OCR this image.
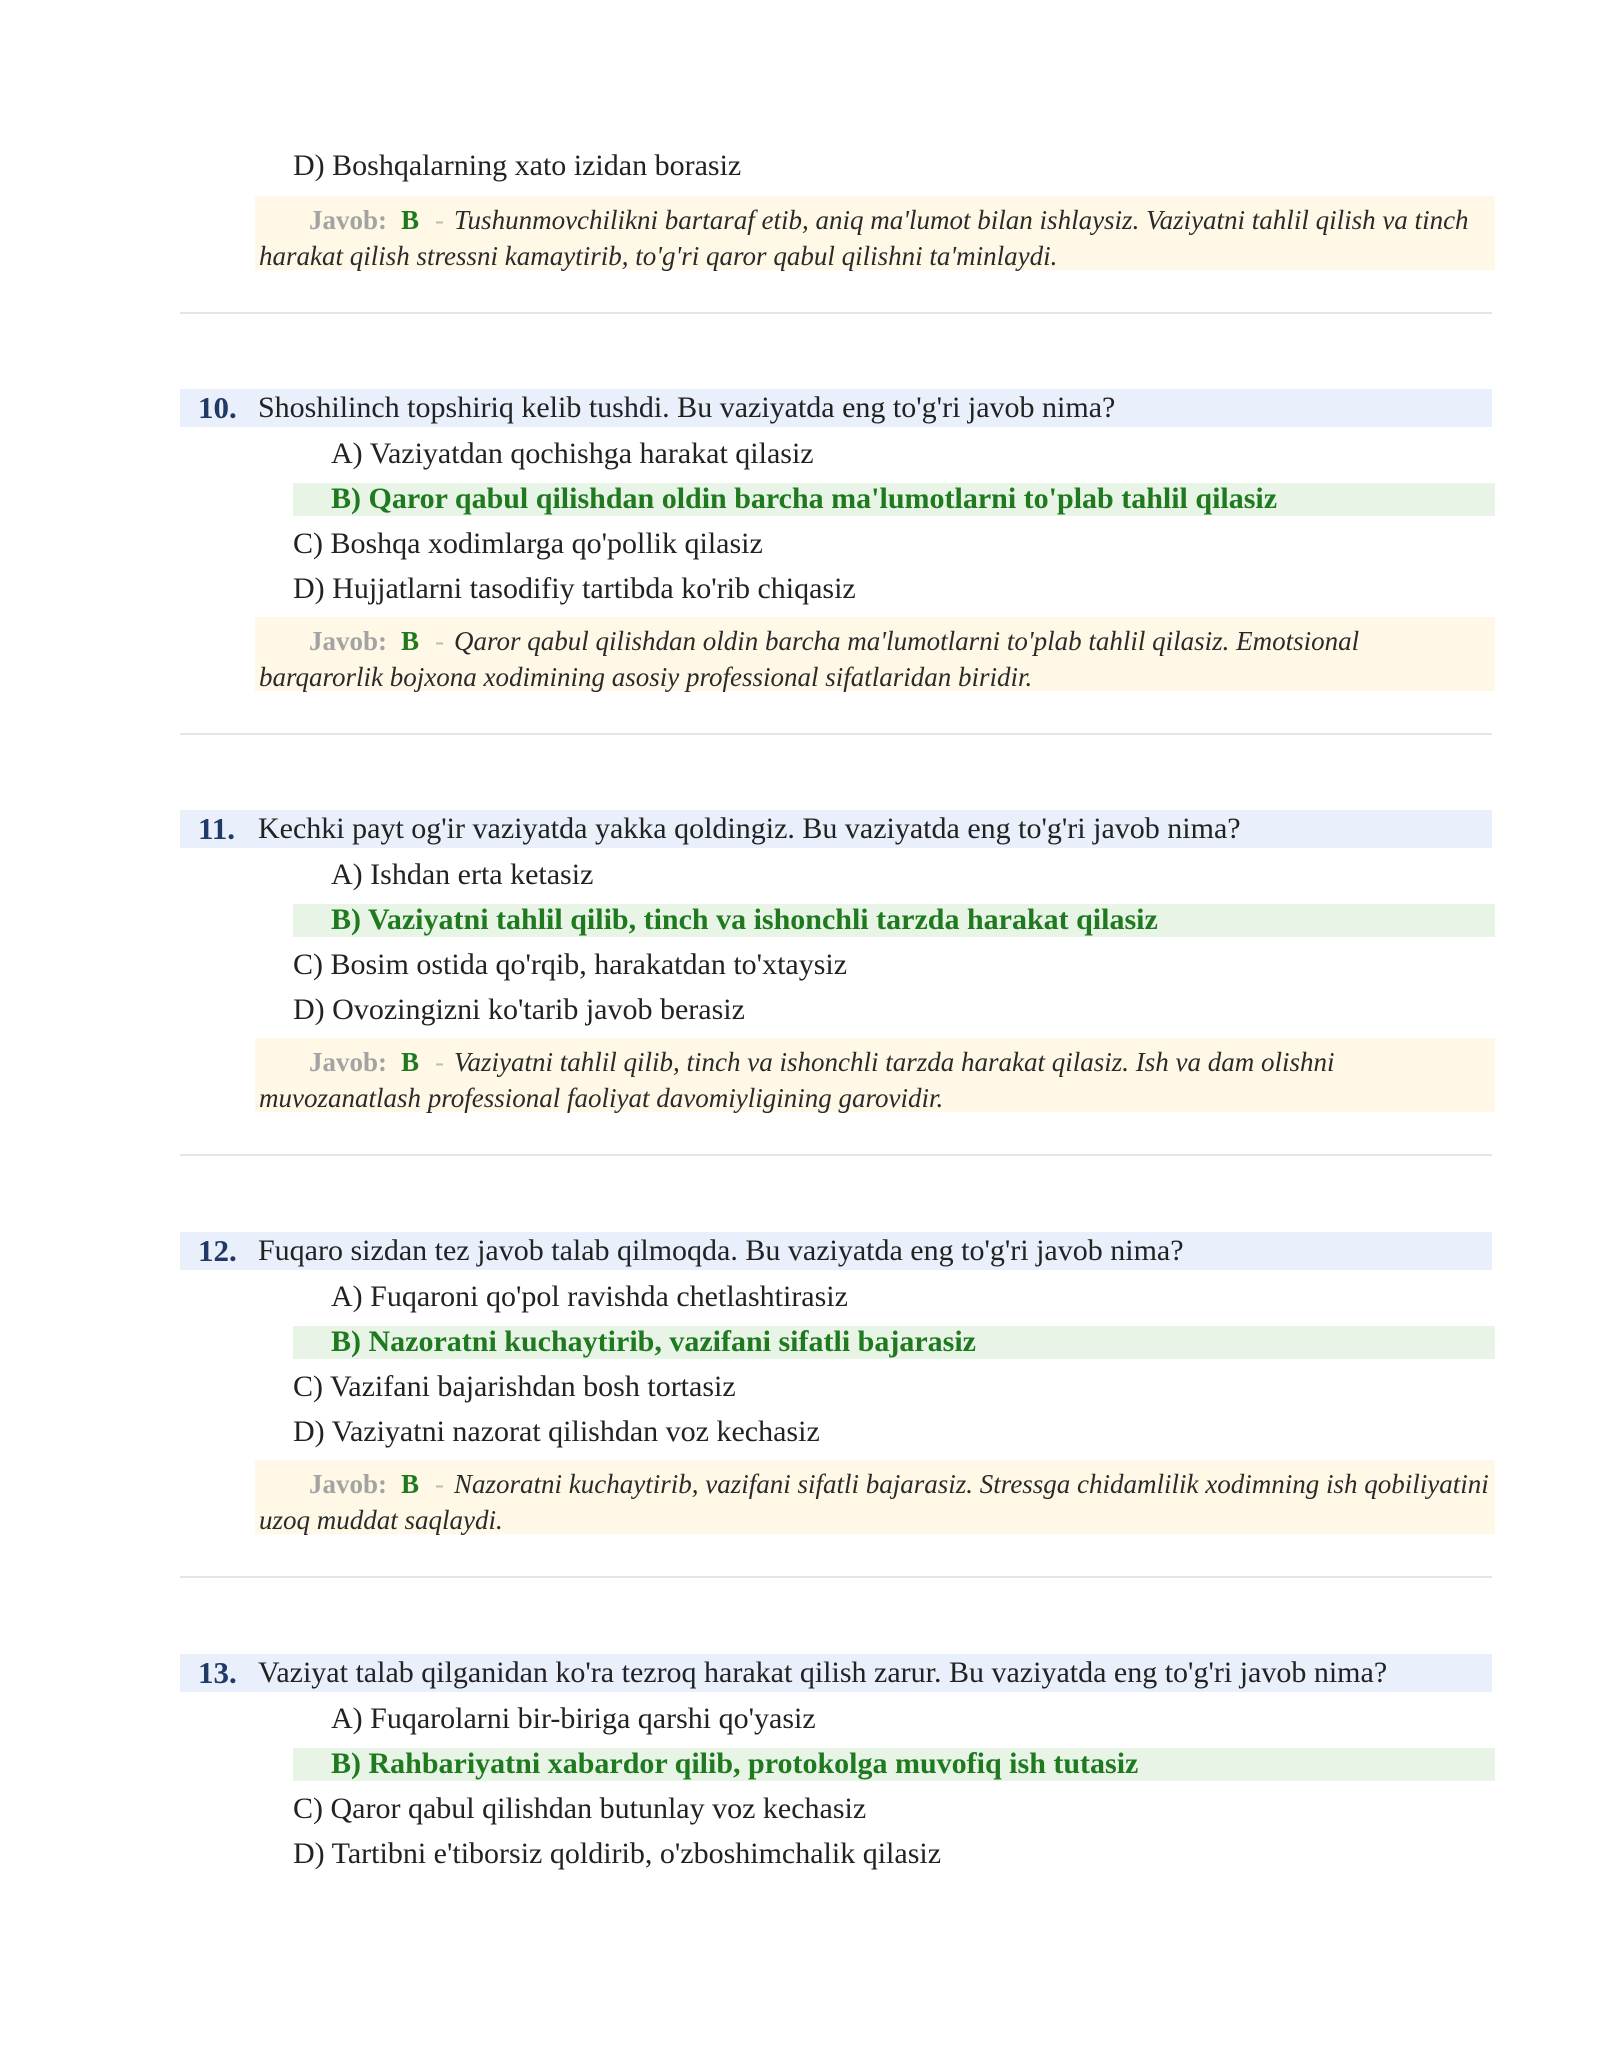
D) Boshqalarning xato izidan borasiz
Javob: B - Tushunmovchilikni bartaraf etib, aniq ma'lumot bilan ishlaysiz. Vaziyatni tahlil qilish va tinch harakat qilish stressni kamaytirib, to'g'ri qaror qabul qilishni ta'minlaydi.
10. Shoshilinch topshiriq kelib tushdi. Bu vaziyatda eng to'g'ri javob nima?
A) Vaziyatdan qochishga harakat qilasiz
B) Qaror qabul qilishdan oldin barcha ma'lumotlarni to'plab tahlil qilasiz
C) Boshqa xodimlarga qo'pollik qilasiz
D) Hujjatlarni tasodifiy tartibda ko'rib chiqasiz
Javob: B - Qaror qabul qilishdan oldin barcha ma'lumotlarni to'plab tahlil qilasiz. Emotsional barqarorlik bojxona xodimining asosiy professional sifatlaridan biridir.
11. Kechki payt og'ir vaziyatda yakka qoldingiz. Bu vaziyatda eng to'g'ri javob nima?
A) Ishdan erta ketasiz
B) Vaziyatni tahlil qilib, tinch va ishonchli tarzda harakat qilasiz
C) Bosim ostida qo'rqib, harakatdan to'xtaysiz
D) Ovozingizni ko'tarib javob berasiz
Javob: B - Vaziyatni tahlil qilib, tinch va ishonchli tarzda harakat qilasiz. Ish va dam olishni muvozanatlash professional faoliyat davomiyligining garovidir.
12. Fuqaro sizdan tez javob talab qilmoqda. Bu vaziyatda eng to'g'ri javob nima?
A) Fuqaroni qo'pol ravishda chetlashtirasiz
B) Nazoratni kuchaytirib, vazifani sifatli bajarasiz
C) Vazifani bajarishdan bosh tortasiz
D) Vaziyatni nazorat qilishdan voz kechasiz
Javob: B - Nazoratni kuchaytirib, vazifani sifatli bajarasiz. Stressga chidamlilik xodimning ish qobiliyatini uzoq muddat saqlaydi.
13. Vaziyat talab qilganidan ko'ra tezroq harakat qilish zarur. Bu vaziyatda eng to'g'ri javob nima?
A) Fuqarolarni bir-biriga qarshi qo'yasiz
B) Rahbariyatni xabardor qilib, protokolga muvofiq ish tutasiz
C) Qaror qabul qilishdan butunlay voz kechasiz
D) Tartibni e'tiborsiz qoldirib, o'zboshimchalik qilasiz
